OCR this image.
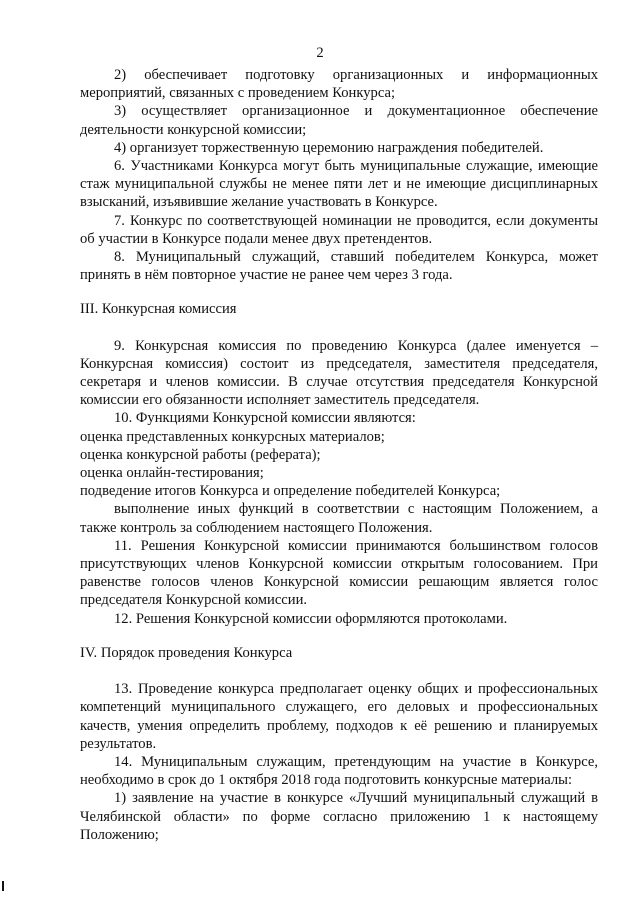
2

2) обеспечивает подготовку организационных и информационных мероприятий, связанных с проведением Конкурса;

3) осуществляет организационное и документационное обеспечение деятельности конкурсной комиссии;

4) организует торжественную церемонию награждения победителей.

6. Участниками Конкурса могут быть муниципальные служащие, имеющие стаж муниципальной службы не менее пяти лет и не имеющие дисциплинарных взысканий, изъявившие желание участвовать в Конкурсе.

7. Конкурс по соответствующей номинации не проводится, если документы об участии в Конкурсе подали менее двух претендентов.

8. Муниципальный служащий, ставший победителем Конкурса, может принять в нём повторное участие не ранее чем через 3 года.

III. Конкурсная комиссия

9. Конкурсная комиссия по проведению Конкурса (далее именуется – Конкурсная комиссия) состоит из председателя, заместителя председателя, секретаря и членов комиссии. В случае отсутствия председателя Конкурсной комиссии его обязанности исполняет заместитель председателя.

10. Функциями Конкурсной комиссии являются:

оценка представленных конкурсных материалов;

оценка конкурсной работы (реферата);

оценка онлайн-тестирования;

подведение итогов Конкурса и определение победителей Конкурса;

выполнение иных функций в соответствии с настоящим Положением, а также контроль за соблюдением настоящего Положения.

11. Решения Конкурсной комиссии принимаются большинством голосов присутствующих членов Конкурсной комиссии открытым голосованием. При равенстве голосов членов Конкурсной комиссии решающим является голос председателя Конкурсной комиссии.

12. Решения Конкурсной комиссии оформляются протоколами.

IV. Порядок проведения Конкурса

13. Проведение конкурса предполагает оценку общих и профессиональных компетенций муниципального служащего, его деловых и профессиональных качеств, умения определить проблему, подходов к её решению и планируемых результатов.

14. Муниципальным служащим, претендующим на участие в Конкурсе, необходимо в срок до 1 октября 2018 года подготовить конкурсные материалы:

1) заявление на участие в конкурсе «Лучший муниципальный служащий в Челябинской области» по форме согласно приложению 1 к настоящему Положению;
